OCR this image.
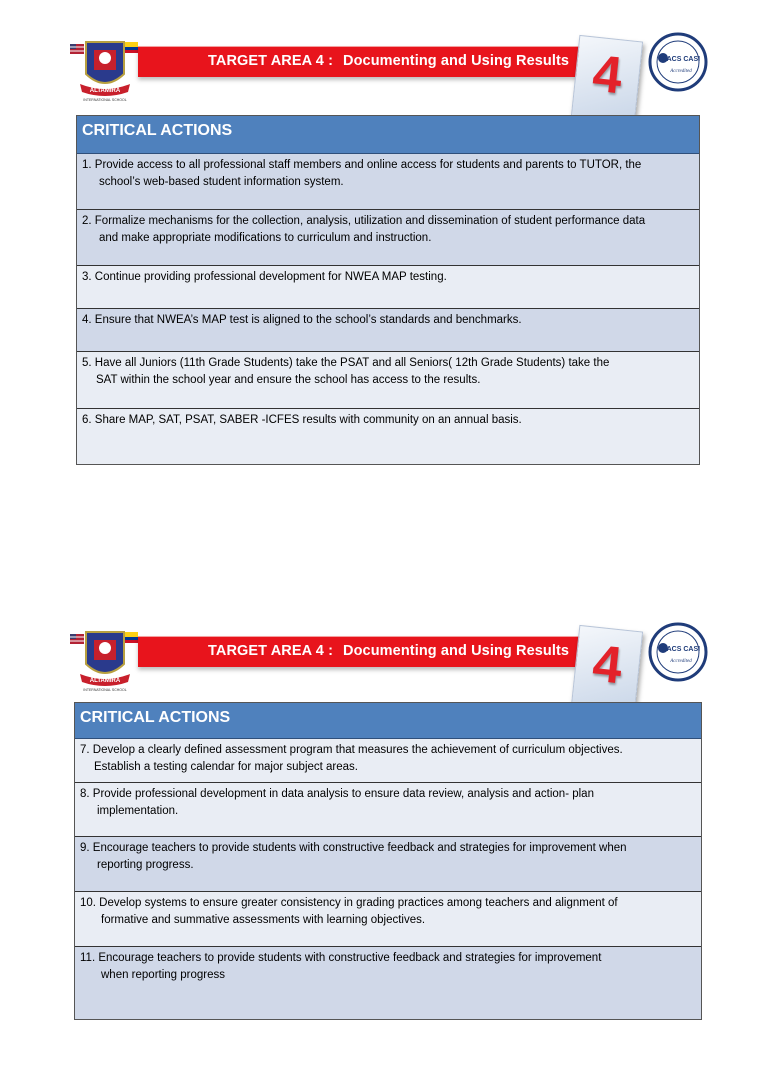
ALTAMIRA
INTERNATIONAL SCHOOL
TARGET AREA 4 : Documenting and Using Results 4	SACS CASI
Accredited
CRITICAL ACTIONS
1. Provide access to all professional staff members and online access for students and parents to TUTOR, the
school’s web-based student information system.
2. Formalize mechanisms for the collection, analysis, utilization and dissemination of student performance data
and make appropriate modifications to curriculum and instruction.
3. Continue providing professional development for NWEA MAP testing.
4. Ensure that NWEA’s MAP test is aligned to the school’s standards and benchmarks.
5. Have all Juniors (11th Grade Students) take the PSAT and all Seniors( 12th Grade Students) take the
SAT within the school year and ensure the school has access to the results.
6. Share MAP, SAT, PSAT, SABER -ICFES results with community on an annual basis.
ALTAMIRA
INTERNATIONAL SCHOOL
TARGET AREA 4 : Documenting and Using Results 4	SACS CASI
Accredited
CRITICAL ACTIONS
7. Develop a clearly defined assessment program that measures the achievement of curriculum objectives.
Establish a testing calendar for major subject areas.
8. Provide professional development in data analysis to ensure data review, analysis and action- plan
implementation.
9. Encourage teachers to provide students with constructive feedback and strategies for improvement when
reporting progress.
10. Develop systems to ensure greater consistency in grading practices among teachers and alignment of
formative and summative assessments with learning objectives.
11. Encourage teachers to provide students with constructive feedback and strategies for improvement
when reporting progress
